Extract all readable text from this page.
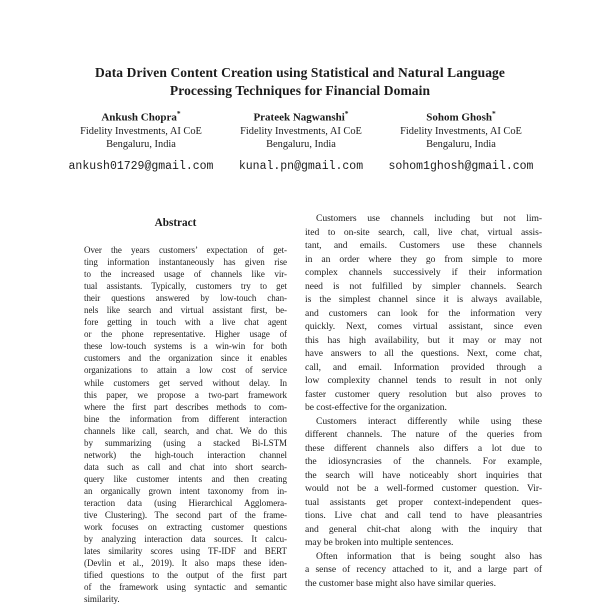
Data Driven Content Creation using Statistical and Natural Language
Processing Techniques for Financial Domain
Ankush Chopra*
Fidelity Investments, AI CoE
Bengaluru, India
ankush01729@gmail.com
Prateek Nagwanshi*
Fidelity Investments, AI CoE
Bengaluru, India
kunal.pn@gmail.com
Sohom Ghosh*
Fidelity Investments, AI CoE
Bengaluru, India
sohom1ghosh@gmail.com
Abstract
Over the years customers’ expectation of get-
ting information instantaneously has given rise
to the increased usage of channels like vir-
tual assistants. Typically, customers try to get
their questions answered by low-touch chan-
nels like search and virtual assistant first, be-
fore getting in touch with a live chat agent
or the phone representative. Higher usage of
these low-touch systems is a win-win for both
customers and the organization since it enables
organizations to attain a low cost of service
while customers get served without delay. In
this paper, we propose a two-part framework
where the first part describes methods to com-
bine the information from different interaction
channels like call, search, and chat. We do this
by summarizing (using a stacked Bi-LSTM
network) the high-touch interaction channel
data such as call and chat into short search-
query like customer intents and then creating
an organically grown intent taxonomy from in-
teraction data (using Hierarchical Agglomera-
tive Clustering). The second part of the frame-
work focuses on extracting customer questions
by analyzing interaction data sources. It calcu-
lates similarity scores using TF-IDF and BERT
(Devlin et al., 2019). It also maps these iden-
tified questions to the output of the first part
of the framework using syntactic and semantic
similarity.
Customers use channels including but not lim-
ited to on-site search, call, live chat, virtual assis-
tant, and emails. Customers use these channels
in an order where they go from simple to more
complex channels successively if their information
need is not fulfilled by simpler channels. Search
is the simplest channel since it is always available,
and customers can look for the information very
quickly. Next, comes virtual assistant, since even
this has high availability, but it may or may not
have answers to all the questions. Next, come chat,
call, and email. Information provided through a
low complexity channel tends to result in not only
faster customer query resolution but also proves to
be cost-effective for the organization.
Customers interact differently while using these
different channels. The nature of the queries from
these different channels also differs a lot due to
the idiosyncrasies of the channels. For example,
the search will have noticeably short inquiries that
would not be a well-formed customer question. Vir-
tual assistants get proper context-independent ques-
tions. Live chat and call tend to have pleasantries
and general chit-chat along with the inquiry that
may be broken into multiple sentences.
Often information that is being sought also has
a sense of recency attached to it, and a large part of
the customer base might also have similar queries.
